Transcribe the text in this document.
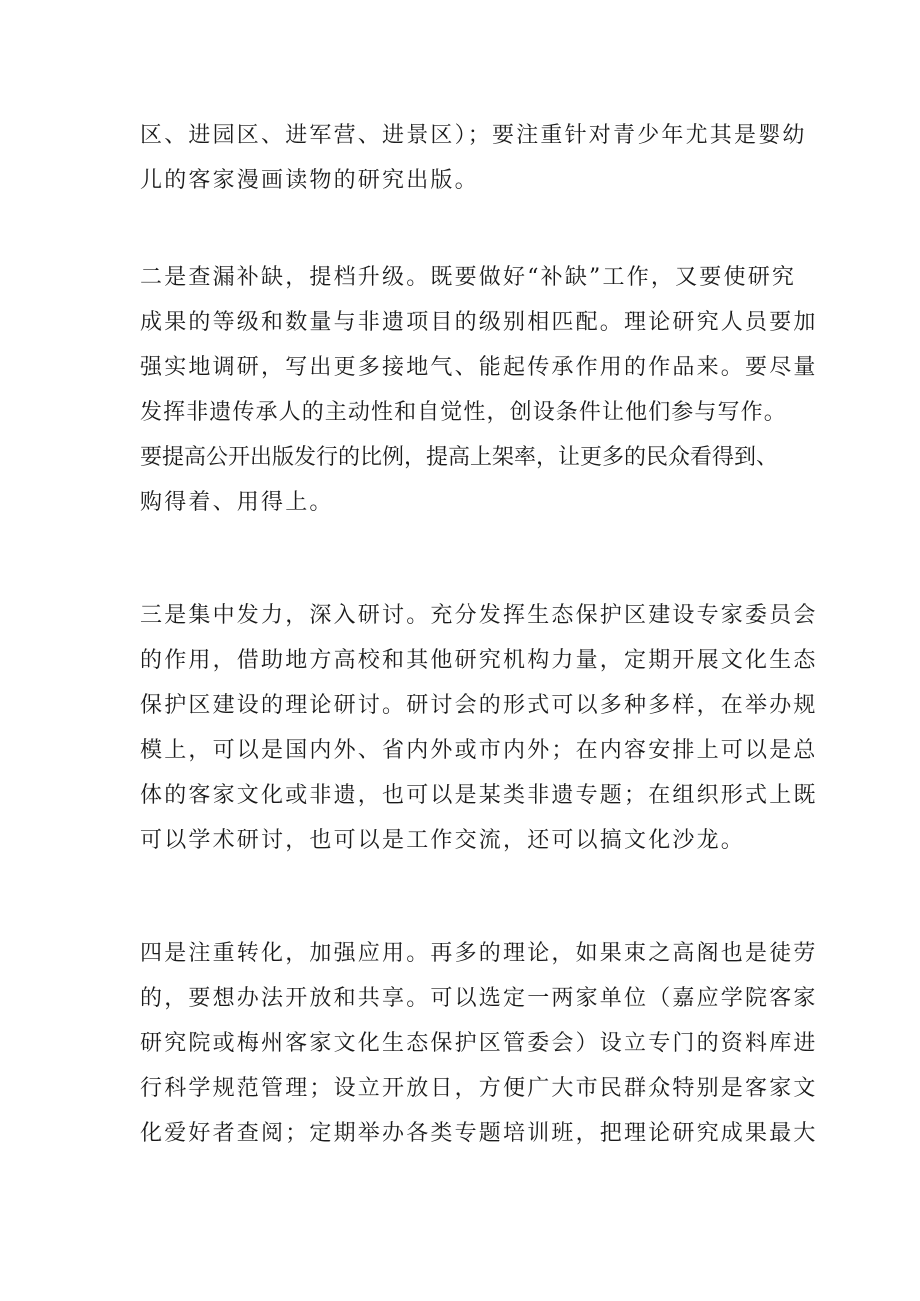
区、进园区、进军营、进景区）；要注重针对青少年尤其是婴幼
儿的客家漫画读物的研究出版。
二是查漏补缺，提档升级。既要做好“补缺”工作，又要使研究
成果的等级和数量与非遗项目的级别相匹配。理论研究人员要加
强实地调研，写出更多接地气、能起传承作用的作品来。要尽量
发挥非遗传承人的主动性和自觉性，创设条件让他们参与写作。
要提高公开出版发行的比例，提高上架率，让更多的民众看得到、
购得着、用得上。
三是集中发力，深入研讨。充分发挥生态保护区建设专家委员会
的作用，借助地方高校和其他研究机构力量，定期开展文化生态
保护区建设的理论研讨。研讨会的形式可以多种多样，在举办规
模上，可以是国内外、省内外或市内外；在内容安排上可以是总
体的客家文化或非遗，也可以是某类非遗专题；在组织形式上既
可以学术研讨，也可以是工作交流，还可以搞文化沙龙。
四是注重转化，加强应用。再多的理论，如果束之高阁也是徒劳
的，要想办法开放和共享。可以选定一两家单位（嘉应学院客家
研究院或梅州客家文化生态保护区管委会）设立专门的资料库进
行科学规范管理；设立开放日，方便广大市民群众特别是客家文
化爱好者查阅；定期举办各类专题培训班，把理论研究成果最大
